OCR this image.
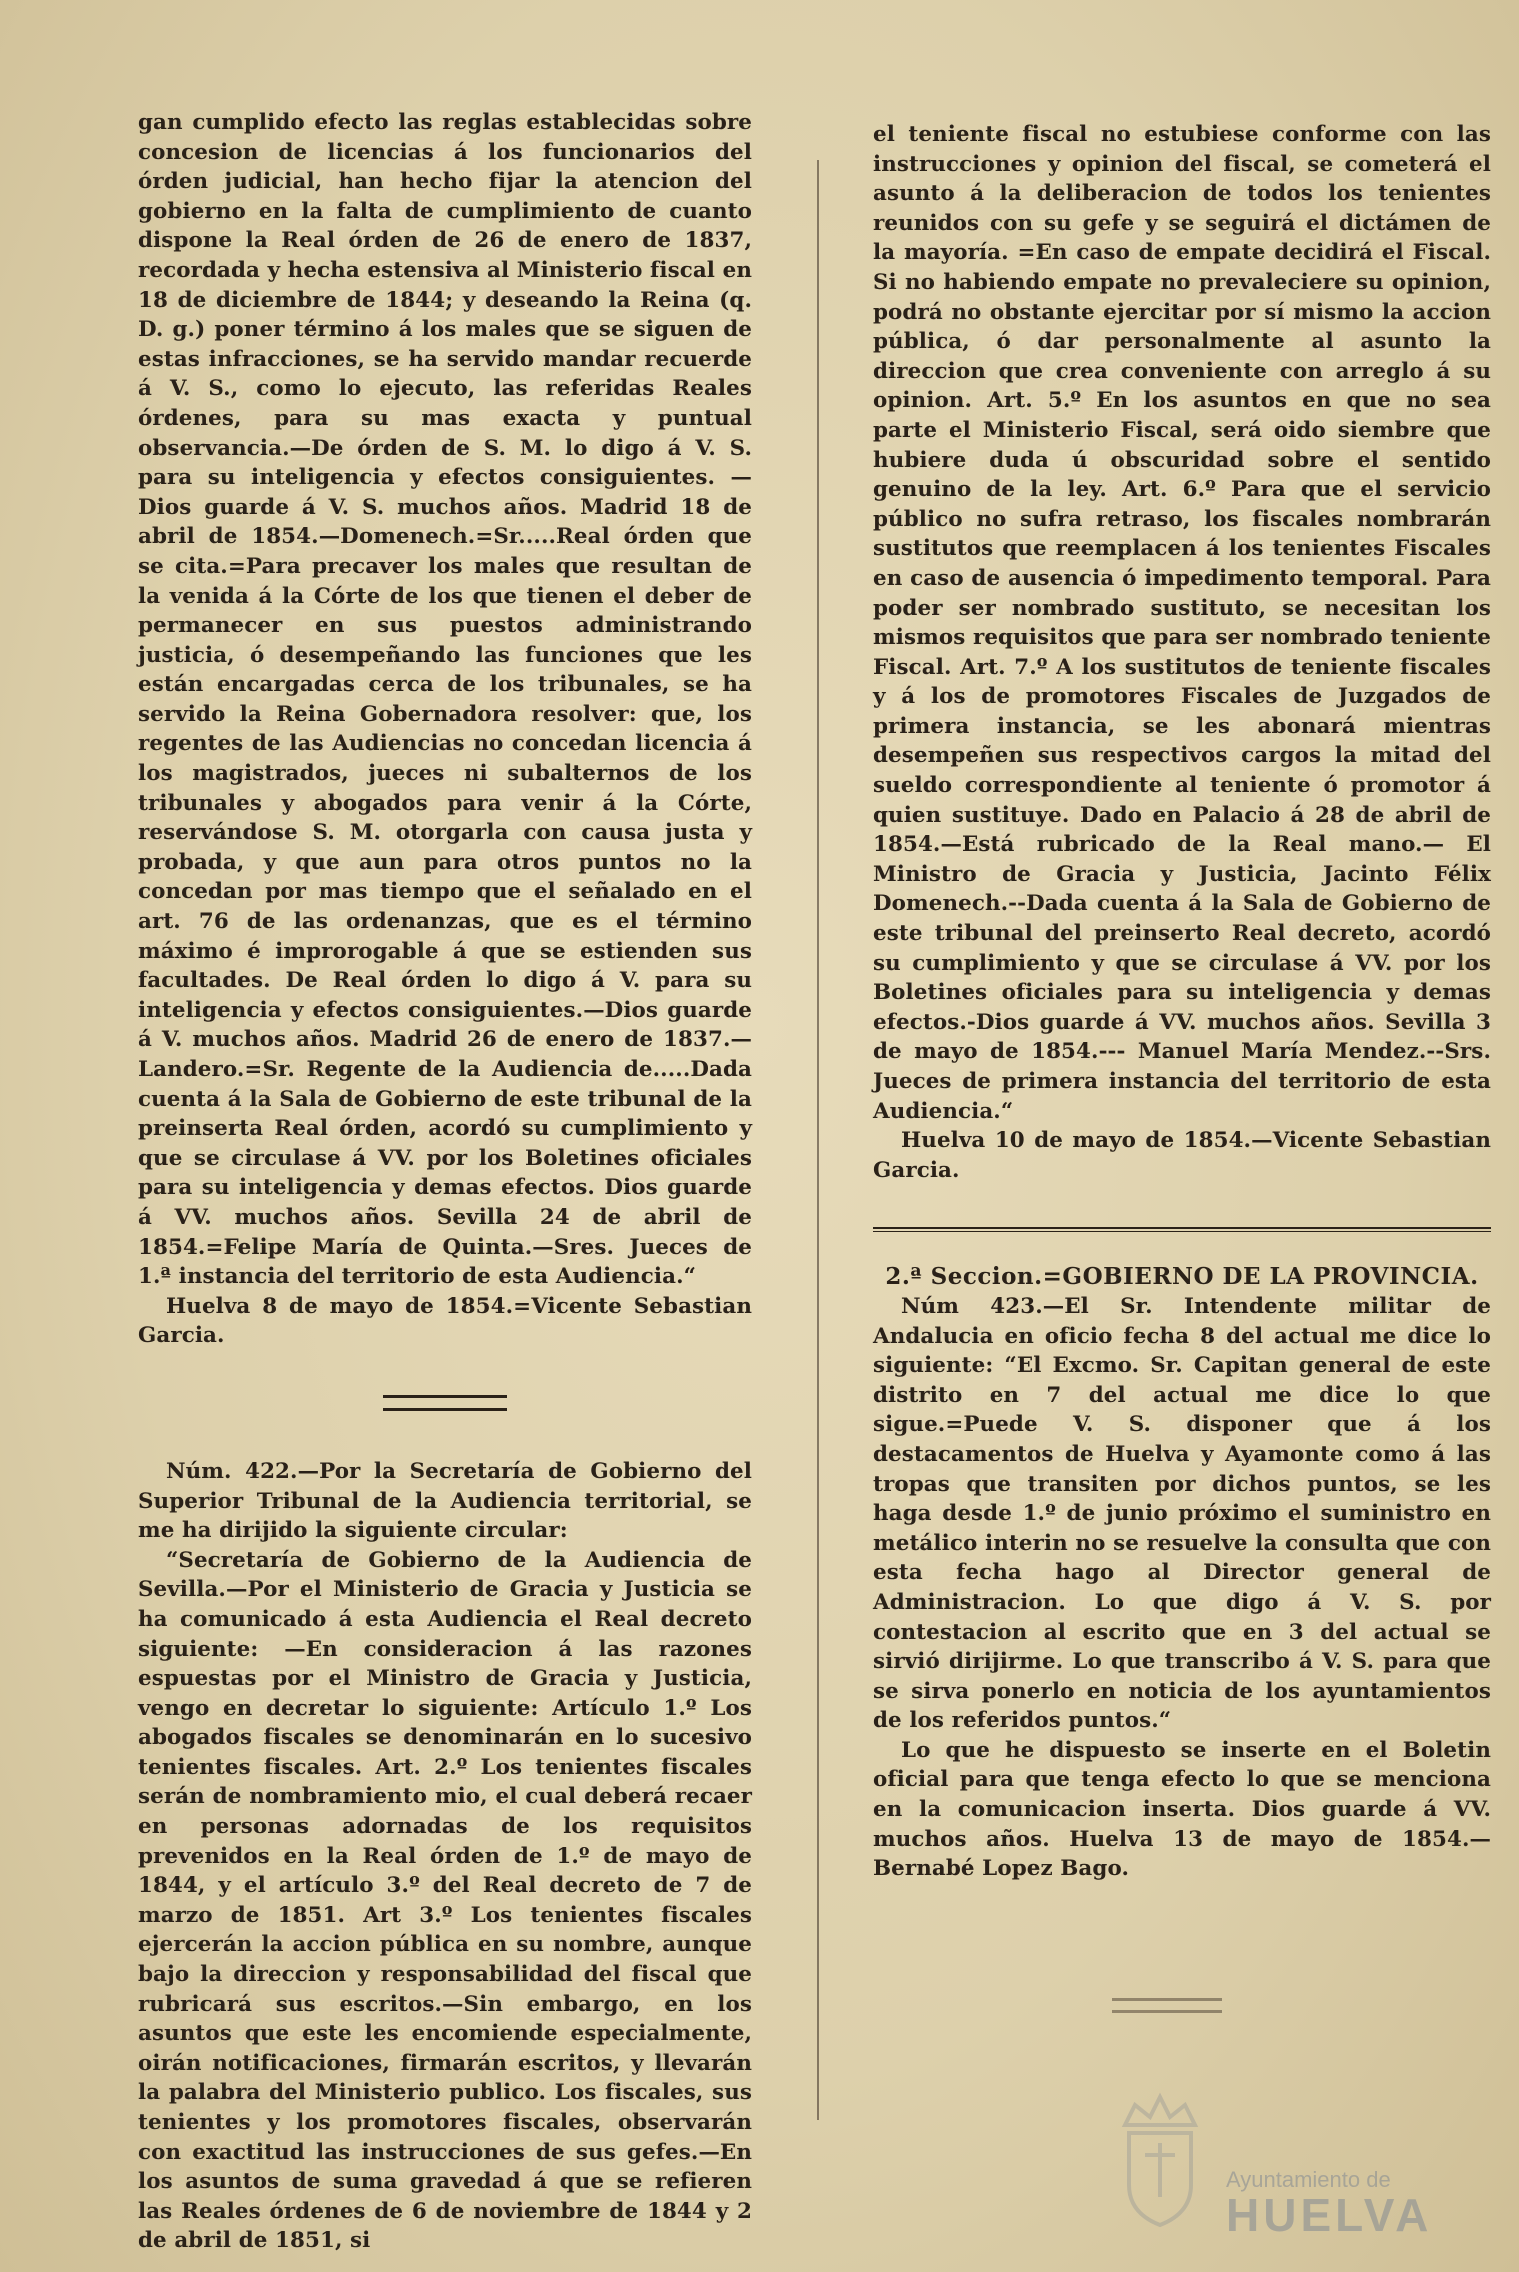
gan cumplido efecto las reglas establecidas sobre concesion de licencias á los funcionarios del órden judicial, han hecho fijar la atencion del gobierno en la falta de cumplimiento de cuanto dispone la Real órden de 26 de enero de 1837, recordada y hecha estensiva al Ministerio fiscal en 18 de diciembre de 1844; y deseando la Reina (q. D. g.) poner término á los males que se siguen de estas infracciones, se ha servido mandar recuerde á V. S., como lo ejecuto, las referidas Reales órdenes, para su mas exacta y puntual observancia.—De órden de S. M. lo digo á V. S. para su inteligencia y efectos consiguientes. —Dios guarde á V. S. muchos años. Madrid 18 de abril de 1854.—Domenech.=Sr.....Real órden que se cita.=Para precaver los males que resultan de la venida á la Córte de los que tienen el deber de permanecer en sus puestos administrando justicia, ó desempeñando las funciones que les están encargadas cerca de los tribunales, se ha servido la Reina Gobernadora resolver: que, los regentes de las Audiencias no concedan licencia á los magistrados, jueces ni subalternos de los tribunales y abogados para venir á la Córte, reservándose S. M. otorgarla con causa justa y probada, y que aun para otros puntos no la concedan por mas tiempo que el señalado en el art. 76 de las ordenanzas, que es el término máximo é improrogable á que se estienden sus facultades. De Real órden lo digo á V. para su inteligencia y efectos consiguientes.—Dios guarde á V. muchos años. Madrid 26 de enero de 1837.—Landero.=Sr. Regente de la Audiencia de.....Dada cuenta á la Sala de Gobierno de este tribunal de la preinserta Real órden, acordó su cumplimiento y que se circulase á VV. por los Boletines oficiales para su inteligencia y demas efectos. Dios guarde á VV. muchos años. Sevilla 24 de abril de 1854.=Felipe María de Quinta.—Sres. Jueces de 1.ª instancia del territorio de esta Audiencia.“

Huelva 8 de mayo de 1854.=Vicente Sebastian Garcia.

Núm. 422.—Por la Secretaría de Gobierno del Superior Tribunal de la Audiencia territorial, se me ha dirijido la siguiente circular:

“Secretaría de Gobierno de la Audiencia de Sevilla.—Por el Ministerio de Gracia y Justicia se ha comunicado á esta Audiencia el Real decreto siguiente: —En consideracion á las razones espuestas por el Ministro de Gracia y Justicia, vengo en decretar lo siguiente: Artículo 1.º Los abogados fiscales se denominarán en lo sucesivo tenientes fiscales. Art. 2.º Los tenientes fiscales serán de nombramiento mio, el cual deberá recaer en personas adornadas de los requisitos prevenidos en la Real órden de 1.º de mayo de 1844, y el artículo 3.º del Real decreto de 7 de marzo de 1851. Art 3.º Los tenientes fiscales ejercerán la accion pública en su nombre, aunque bajo la direccion y responsabilidad del fiscal que rubricará sus escritos.—Sin embargo, en los asuntos que este les encomiende especialmente, oirán notificaciones, firmarán escritos, y llevarán la palabra del Ministerio publico. Los fiscales, sus tenientes y los promotores fiscales, observarán con exactitud las instrucciones de sus gefes.—En los asuntos de suma gravedad á que se refieren las Reales órdenes de 6 de noviembre de 1844 y 2 de abril de 1851, si

el teniente fiscal no estubiese conforme con las instrucciones y opinion del fiscal, se cometerá el asunto á la deliberacion de todos los tenientes reunidos con su gefe y se seguirá el dictámen de la mayoría. =En caso de empate decidirá el Fiscal. Si no habiendo empate no prevaleciere su opinion, podrá no obstante ejercitar por sí mismo la accion pública, ó dar personalmente al asunto la direccion que crea conveniente con arreglo á su opinion. Art. 5.º En los asuntos en que no sea parte el Ministerio Fiscal, será oido siembre que hubiere duda ú obscuridad sobre el sentido genuino de la ley. Art. 6.º Para que el servicio público no sufra retraso, los fiscales nombrarán sustitutos que reemplacen á los tenientes Fiscales en caso de ausencia ó impedimento temporal. Para poder ser nombrado sustituto, se necesitan los mismos requisitos que para ser nombrado teniente Fiscal. Art. 7.º A los sustitutos de teniente fiscales y á los de promotores Fiscales de Juzgados de primera instancia, se les abonará mientras desempeñen sus respectivos cargos la mitad del sueldo correspondiente al teniente ó promotor á quien sustituye. Dado en Palacio á 28 de abril de 1854.—Está rubricado de la Real mano.— El Ministro de Gracia y Justicia, Jacinto Félix Domenech.--Dada cuenta á la Sala de Gobierno de este tribunal del preinserto Real decreto, acordó su cumplimiento y que se circulase á VV. por los Boletines oficiales para su inteligencia y demas efectos.-Dios guarde á VV. muchos años. Sevilla 3 de mayo de 1854.--- Manuel María Mendez.--Srs. Jueces de primera instancia del territorio de esta Audiencia.“

Huelva 10 de mayo de 1854.—Vicente Sebastian Garcia.

2.ª Seccion.=GOBIERNO DE LA PROVINCIA.

Núm 423.—El Sr. Intendente militar de Andalucia en oficio fecha 8 del actual me dice lo siguiente: “El Excmo. Sr. Capitan general de este distrito en 7 del actual me dice lo que sigue.=Puede V. S. disponer que á los destacamentos de Huelva y Ayamonte como á las tropas que transiten por dichos puntos, se les haga desde 1.º de junio próximo el suministro en metálico interin no se resuelve la consulta que con esta fecha hago al Director general de Administracion. Lo que digo á V. S. por contestacion al escrito que en 3 del actual se sirvió dirijirme. Lo que transcribo á V. S. para que se sirva ponerlo en noticia de los ayuntamientos de los referidos puntos.“

Lo que he dispuesto se inserte en el Boletin oficial para que tenga efecto lo que se menciona en la comunicacion inserta. Dios guarde á VV. muchos años. Huelva 13 de mayo de 1854.—Bernabé Lopez Bago.

Ayuntamiento de
HUELVA
